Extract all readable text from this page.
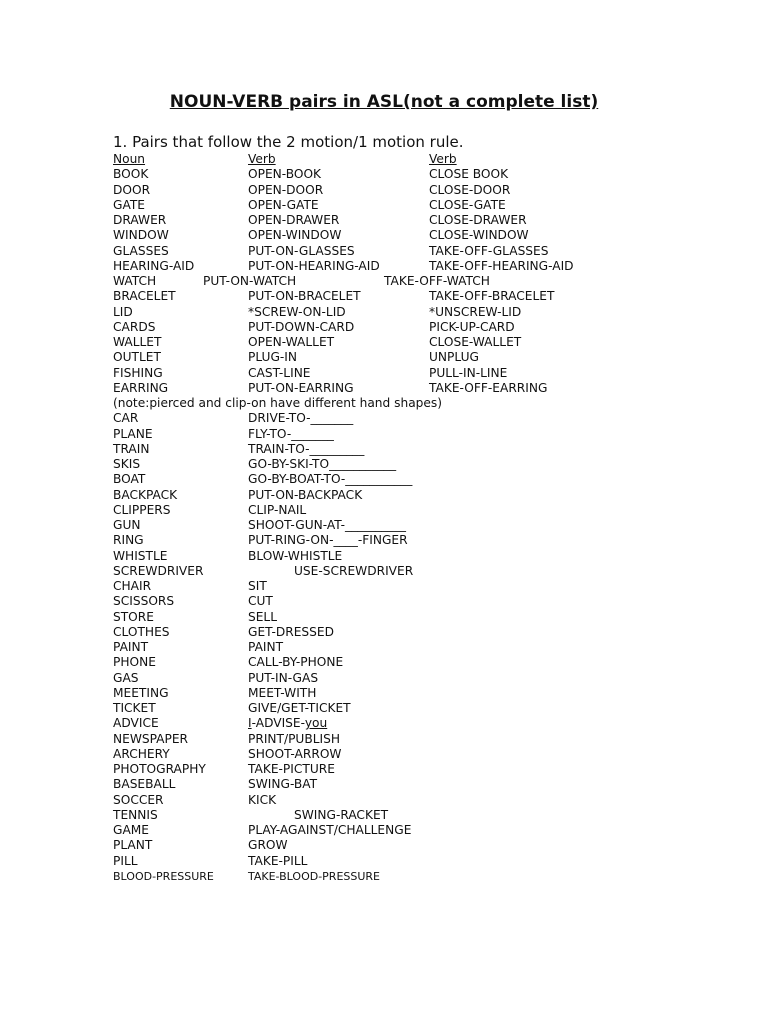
NOUN-VERB pairs in ASL(not a complete list)
1. Pairs that follow the 2 motion/1 motion rule.
Noun	Verb	Verb
BOOK	OPEN-BOOK	CLOSE BOOK
DOOR	OPEN-DOOR	CLOSE-DOOR
GATE	OPEN-GATE	CLOSE-GATE
DRAWER	OPEN-DRAWER	CLOSE-DRAWER
WINDOW	OPEN-WINDOW	CLOSE-WINDOW
GLASSES	PUT-ON-GLASSES	TAKE-OFF-GLASSES
HEARING-AID	PUT-ON-HEARING-AID	TAKE-OFF-HEARING-AID
WATCH	PUT-ON-WATCH	TAKE-OFF-WATCH
BRACELET	PUT-ON-BRACELET	TAKE-OFF-BRACELET
LID	*SCREW-ON-LID	*UNSCREW-LID
CARDS	PUT-DOWN-CARD	PICK-UP-CARD
WALLET	OPEN-WALLET	CLOSE-WALLET
OUTLET	PLUG-IN	UNPLUG
FISHING	CAST-LINE	PULL-IN-LINE
EARRING	PUT-ON-EARRING	TAKE-OFF-EARRING
(note:pierced and clip-on have different hand shapes)
CAR	DRIVE-TO-_______
PLANE	FLY-TO-_______
TRAIN	TRAIN-TO-_________
SKIS	GO-BY-SKI-TO___________
BOAT	GO-BY-BOAT-TO-___________
BACKPACK	PUT-ON-BACKPACK
CLIPPERS	CLIP-NAIL
GUN	SHOOT-GUN-AT-__________
RING	PUT-RING-ON-____-FINGER
WHISTLE	BLOW-WHISTLE
SCREWDRIVER	USE-SCREWDRIVER
CHAIR	SIT
SCISSORS	CUT
STORE	SELL
CLOTHES	GET-DRESSED
PAINT	PAINT
PHONE	CALL-BY-PHONE
GAS	PUT-IN-GAS
MEETING	MEET-WITH
TICKET	GIVE/GET-TICKET
ADVICE	I-ADVISE-you
NEWSPAPER	PRINT/PUBLISH
ARCHERY	SHOOT-ARROW
PHOTOGRAPHY	TAKE-PICTURE
BASEBALL	SWING-BAT
SOCCER	KICK
TENNIS	SWING-RACKET
GAME	PLAY-AGAINST/CHALLENGE
PLANT	GROW
PILL	TAKE-PILL
BLOOD-PRESSURE	TAKE-BLOOD-PRESSURE
